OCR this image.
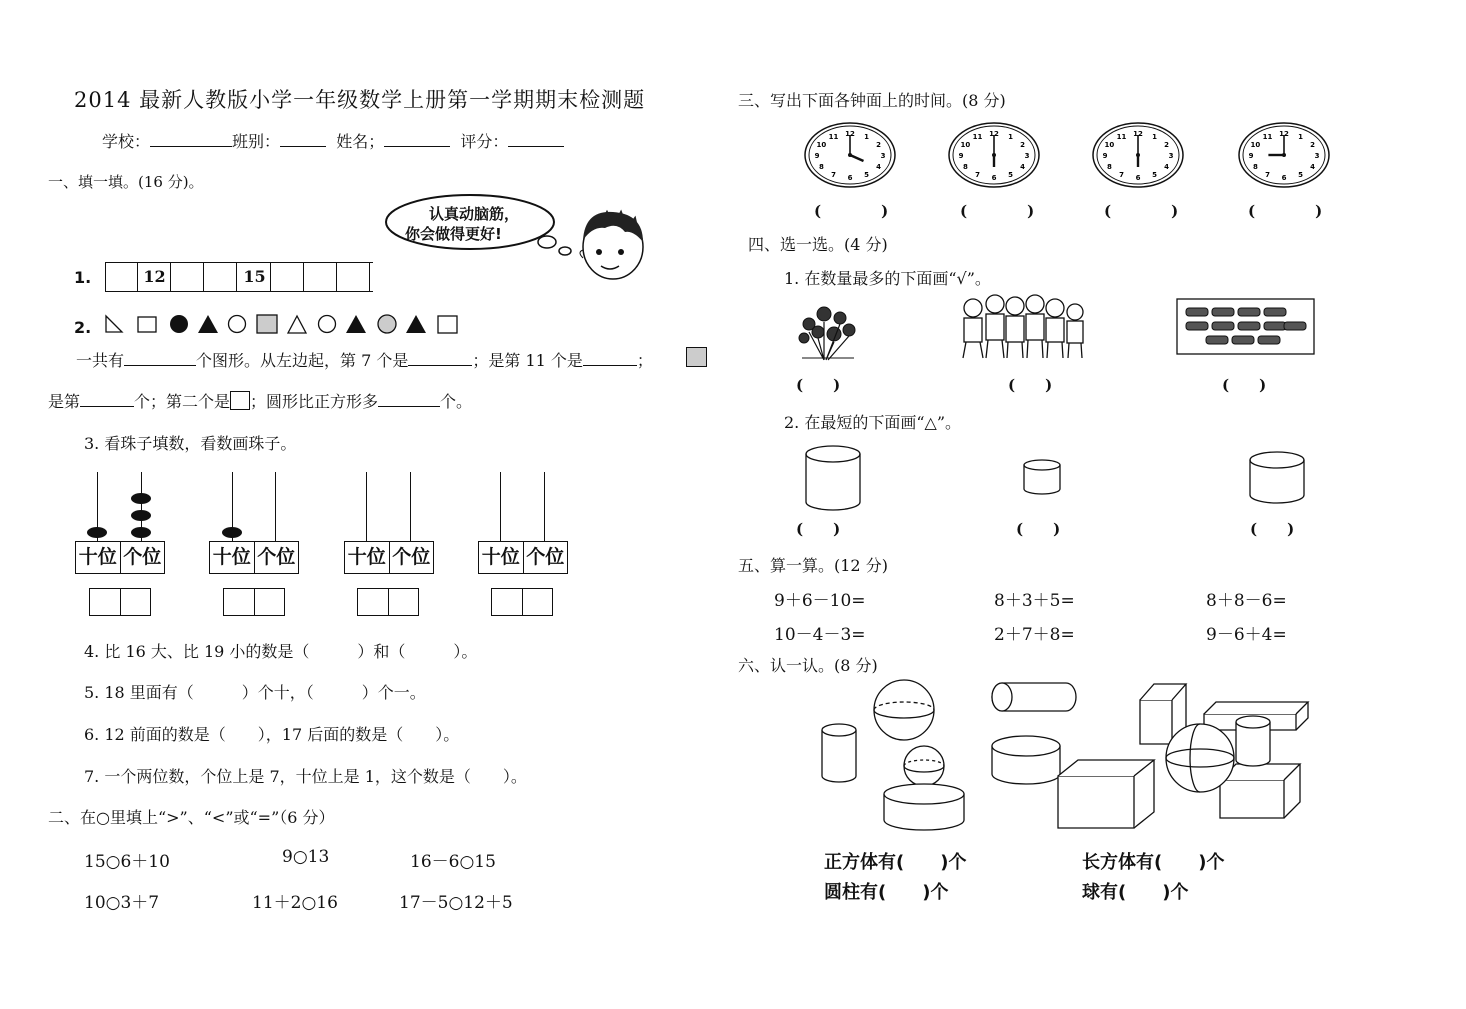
2014 最新人教版小学一年级数学上册第一学期期末检测题
学校：	班别：	姓名；	评分：
一、填一填。(16 分)。
认真动脑筋，
你会做得更好!
1.	12	15
2.
一共有	个图形。从左边起，第 7 个是	；是第 11 个是	；
是第	个；第二个是 ；圆形比正方形多	个。
3. 看珠子填数，看数画珠子。
十位 个位	十位 个位	十位 个位	十位 个位
4. 比 16 大、比 19 小的数是（　　　）和（　　　）。
5. 18 里面有（　　　）个十，（　　　）个一。
6. 12 前面的数是（　　），17 后面的数是（　　）。
7. 一个两位数，个位上是 7，十位上是 1，这个数是（　　）。
二、在○里填上“>”、“<”或“=”（6 分）
15○6＋10	9○13	16－6○15
10○3＋7	11＋2○16	17－5○12＋5
三、写出下面各钟面上的时间。(8 分)
12 1
2
3
4
5
6
7
8
9
10
11	12 1
2
3
4
5
6
7
8
9
10
11	12 1
2
3
4
5
6
7
8
9
10
11	12 1
2
3
4
5
6
7
8
9
10
11
(　　　　)	(　　　　)	(　　　　)	(　　　　)
四、选一选。(4 分)
1. 在数量最多的下面画“√”。
(　　)	(　　)	(　　)
2. 在最短的下面画“△”。
(　　)	(　　)	(　　)
五、算一算。(12 分)
9＋6－10=	8＋3＋5=	8＋8－6=
10－4－3=	2＋7＋8=	9－6＋4=
六、认一认。(8 分)
正方体有(　　)个	长方体有(　　)个
圆柱有(　　)个	球有(　　)个
